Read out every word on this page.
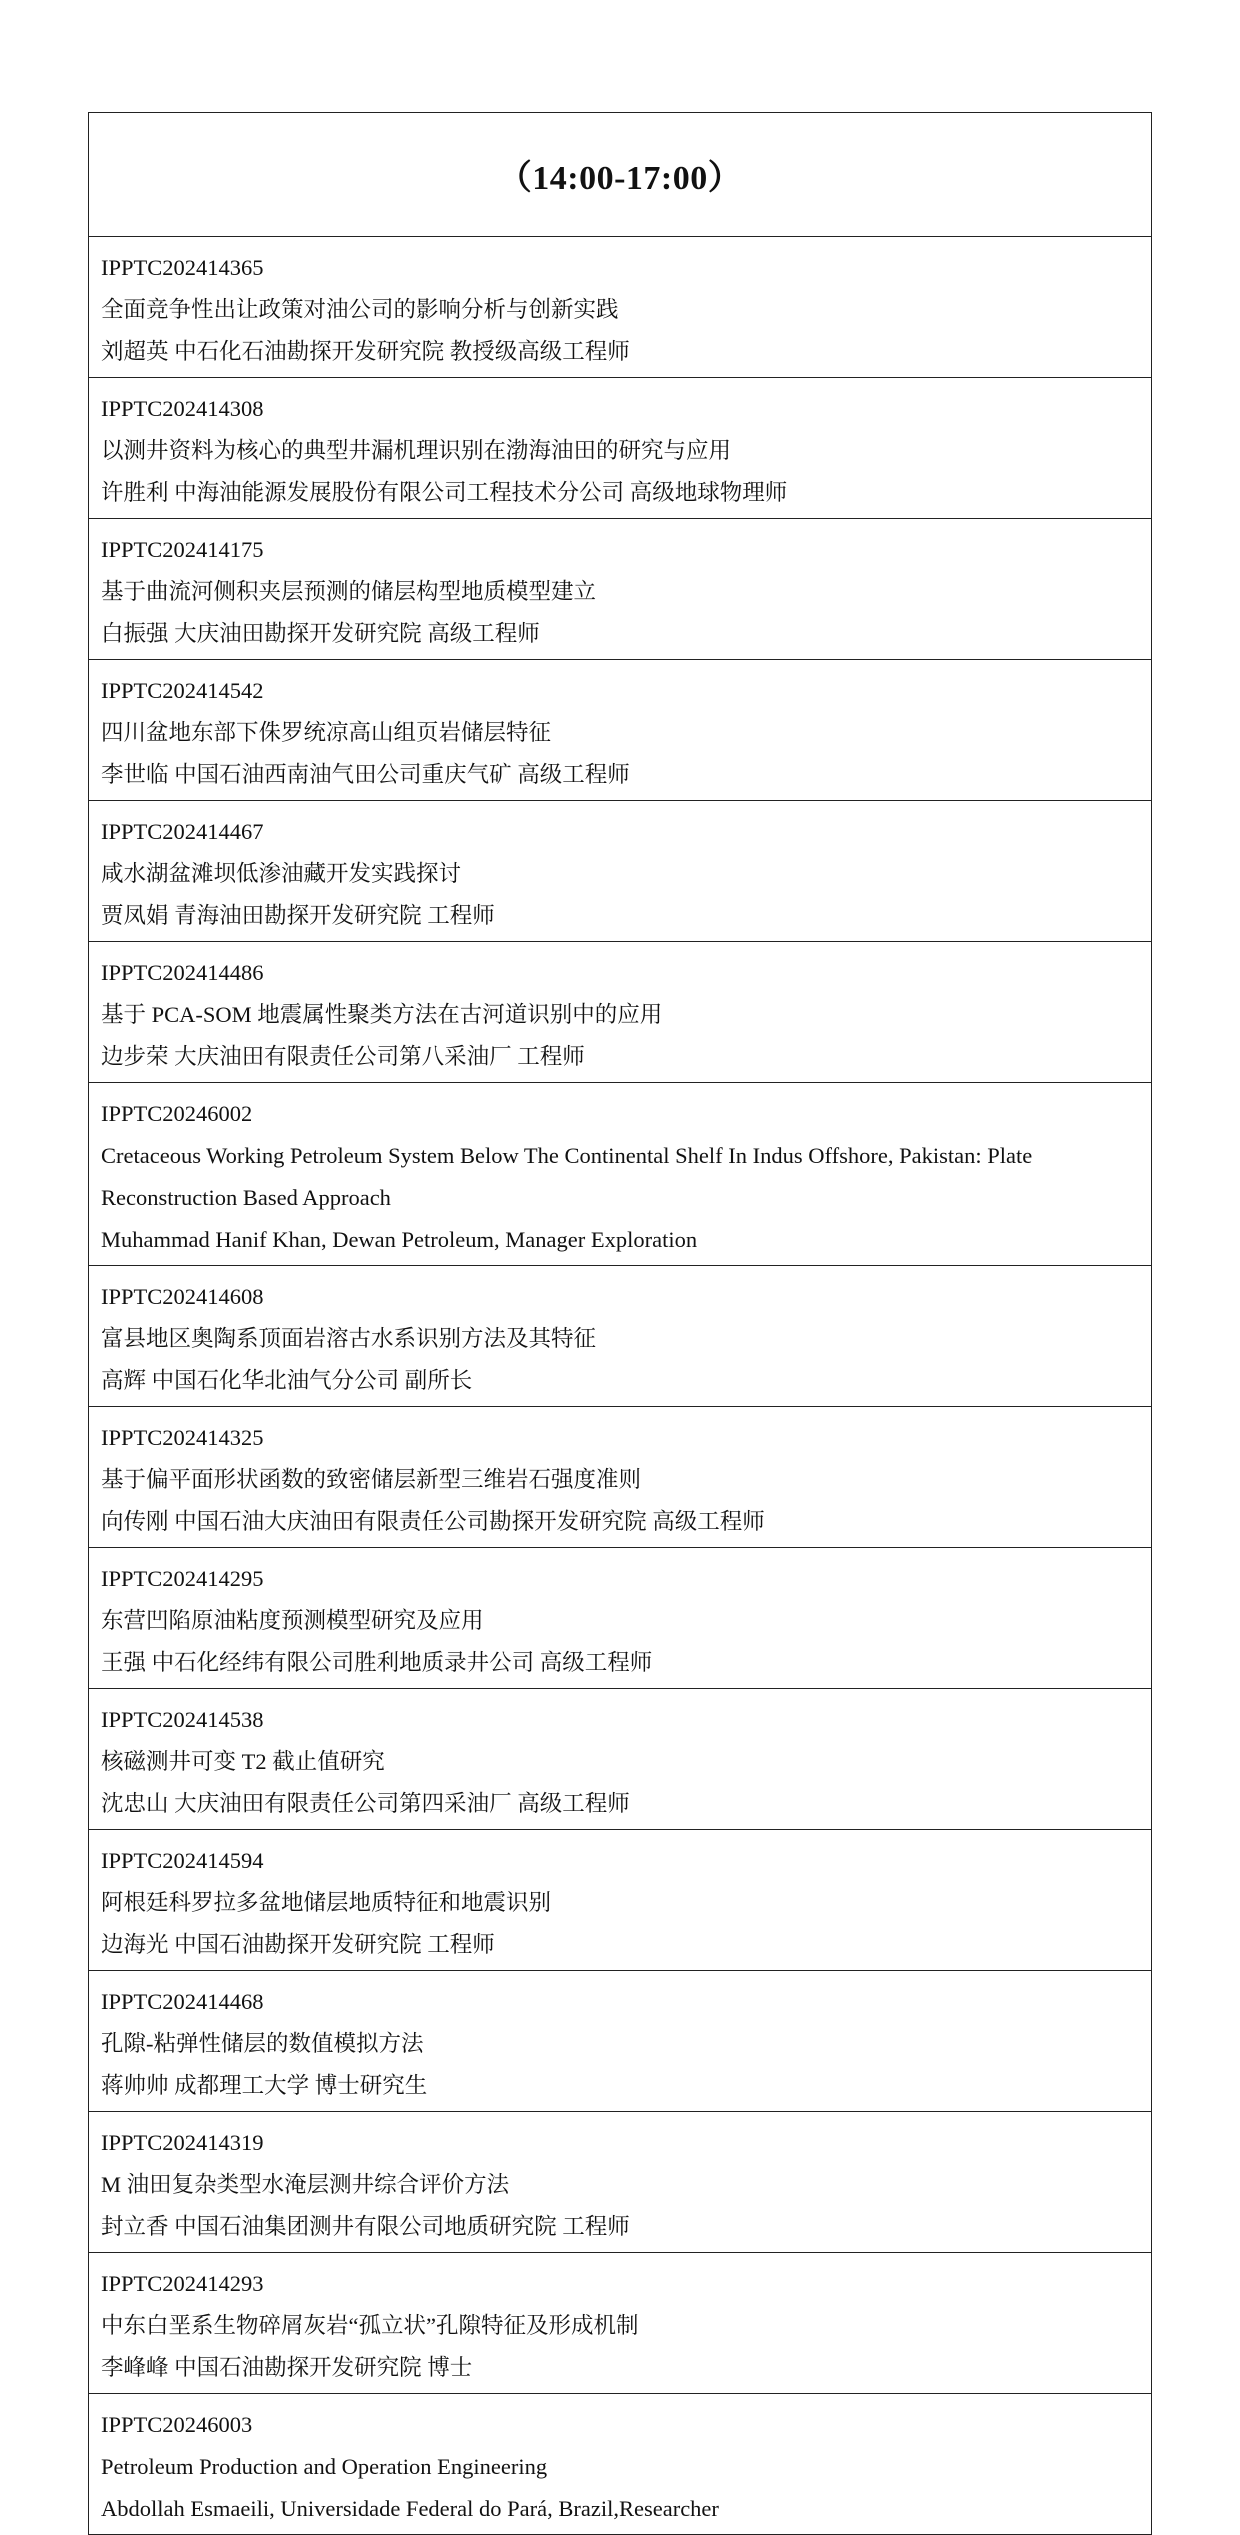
（14:00-17:00）
IPPTC202414365
全面竞争性出让政策对油公司的影响分析与创新实践
刘超英 中石化石油勘探开发研究院 教授级高级工程师
IPPTC202414308
以测井资料为核心的典型井漏机理识别在渤海油田的研究与应用
许胜利 中海油能源发展股份有限公司工程技术分公司 高级地球物理师
IPPTC202414175
基于曲流河侧积夹层预测的储层构型地质模型建立
白振强 大庆油田勘探开发研究院 高级工程师
IPPTC202414542
四川盆地东部下侏罗统凉高山组页岩储层特征
李世临 中国石油西南油气田公司重庆气矿 高级工程师
IPPTC202414467
咸水湖盆滩坝低渗油藏开发实践探讨
贾凤娟 青海油田勘探开发研究院 工程师
IPPTC202414486
基于 PCA-SOM 地震属性聚类方法在古河道识别中的应用
边步荣 大庆油田有限责任公司第八采油厂 工程师
IPPTC20246002
Cretaceous Working Petroleum System Below The Continental Shelf In Indus Offshore, Pakistan: Plate Reconstruction Based Approach
Muhammad Hanif Khan, Dewan Petroleum, Manager Exploration
IPPTC202414608
富县地区奥陶系顶面岩溶古水系识别方法及其特征
高辉 中国石化华北油气分公司 副所长
IPPTC202414325
基于偏平面形状函数的致密储层新型三维岩石强度准则
向传刚 中国石油大庆油田有限责任公司勘探开发研究院 高级工程师
IPPTC202414295
东营凹陷原油粘度预测模型研究及应用
王强 中石化经纬有限公司胜利地质录井公司 高级工程师
IPPTC202414538
核磁测井可变 T2 截止值研究
沈忠山 大庆油田有限责任公司第四采油厂 高级工程师
IPPTC202414594
阿根廷科罗拉多盆地储层地质特征和地震识别
边海光 中国石油勘探开发研究院 工程师
IPPTC202414468
孔隙-粘弹性储层的数值模拟方法
蒋帅帅 成都理工大学 博士研究生
IPPTC202414319
M 油田复杂类型水淹层测井综合评价方法
封立香 中国石油集团测井有限公司地质研究院 工程师
IPPTC202414293
中东白垩系生物碎屑灰岩“孤立状”孔隙特征及形成机制
李峰峰 中国石油勘探开发研究院 博士
IPPTC20246003
Petroleum Production and Operation Engineering
Abdollah Esmaeili, Universidade Federal do Pará, Brazil,Researcher
